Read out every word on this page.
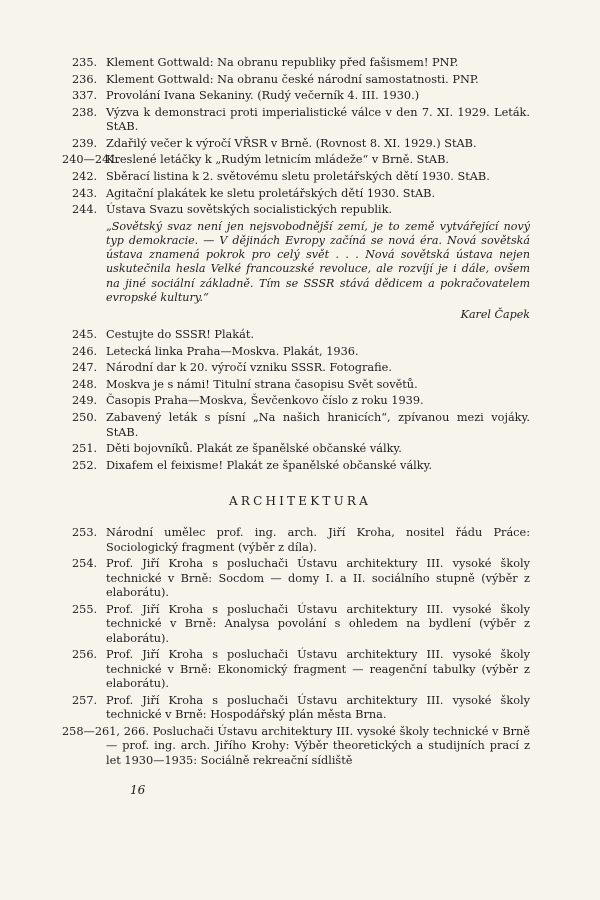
235. Klement Gottwald: Na obranu republiky před fašismem! PNP.
236. Klement Gottwald: Na obranu české národní samostatnosti. PNP.
337. Provolání Ivana Sekaniny. (Rudý večerník 4. III. 1930.)
238. Výzva k demonstraci proti imperialistické válce v den 7. XI. 1929. Leták. StAB.
239. Zdařilý večer k výročí VŘSR v Brně. (Rovnost 8. XI. 1929.) StAB.
240—241.
Kreslené letáčky k „Rudým letnicím mládeže“ v Brně. StAB.
242. Sběrací listina k 2. světovému sletu proletářských dětí 1930. StAB.
243. Agitační plakátek ke sletu proletářských dětí 1930. StAB.
244. Ústava Svazu sovětských socialistických republik.
„Sovětský svaz není jen nejsvobodnější zemí, je to země vytvářející nový typ demokracie. — V dějinách Evropy začíná se nová éra. Nová sovětská ústava znamená pokrok pro celý svět . . . Nová sovětská ústava nejen uskutečnila hesla Velké francouzské revoluce, ale rozvíjí je i dále, ovšem na jiné sociální základně. Tím se SSSR stává dědicem a pokračovatelem evropské kultury.“
Karel Čapek
245. Cestujte do SSSR! Plakát.
246. Letecká linka Praha—Moskva. Plakát, 1936.
247. Národní dar k 20. výročí vzniku SSSR. Fotografie.
248. Moskva je s námi! Titulní strana časopisu Svět sovětů.
249. Časopis Praha—Moskva, Ševčenkovo číslo z roku 1939.
250. Zabavený leták s písní „Na našich hranicích“, zpívanou mezi vojáky. StAB.
251. Děti bojovníků. Plakát ze španělské občanské války.
252. Dixafem el feixisme! Plakát ze španělské občanské války.
ARCHITEKTURA
253. Národní umělec prof. ing. arch. Jiří Kroha, nositel řádu Práce: Sociologický fragment (výběr z díla).
254. Prof. Jiří Kroha s posluchači Ústavu architektury III. vysoké školy technické v Brně: Socdom — domy I. a II. sociálního stupně (výběr z elaborátu).
255. Prof. Jiří Kroha s posluchači Ústavu architektury III. vysoké školy technické v Brně: Analysa povolání s ohledem na bydlení (výběr z elaborátu).
256. Prof. Jiří Kroha s posluchači Ústavu architektury III. vysoké školy technické v Brně: Ekonomický fragment — reagenční tabulky (výběr z elaborátu).
257. Prof. Jiří Kroha s posluchači Ústavu architektury III. vysoké školy technické v Brně: Hospodářský plán města Brna.
258—261, 266. Posluchači Ústavu architektury III. vysoké školy technické v Brně — prof. ing. arch. Jiřího Krohy: Výběr theoretických a studijních prací z let 1930—1935: Sociálně rekreační sídliště
16
